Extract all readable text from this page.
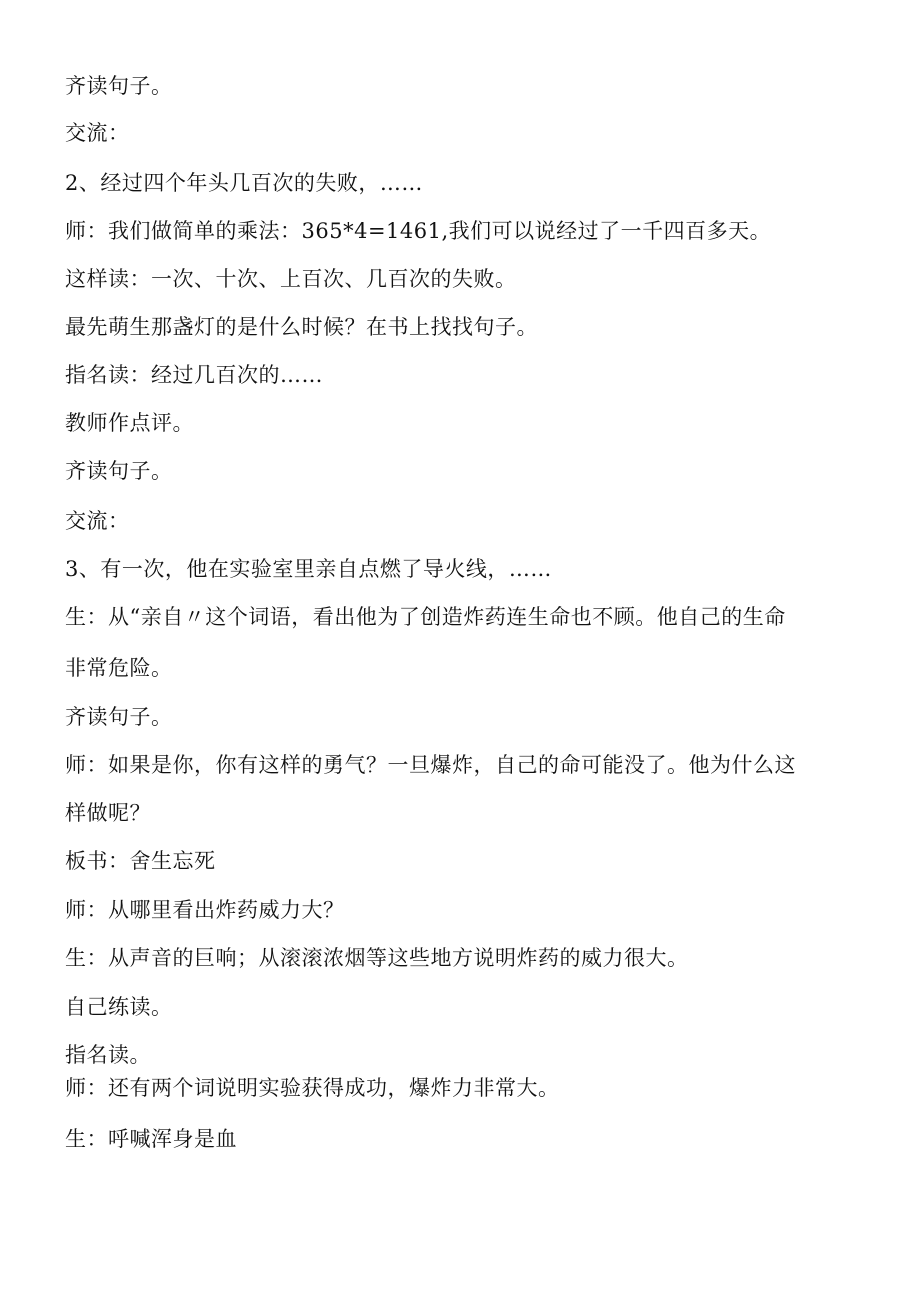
齐读句子。
交流：
2、经过四个年头几百次的失败，……
师：我们做简单的乘法：365*4=1461,我们可以说经过了一千四百多天。
这样读：一次、十次、上百次、几百次的失败。
最先萌生那盏灯的是什么时候？在书上找找句子。
指名读：经过几百次的……
教师作点评。
齐读句子。
交流：
3、有一次，他在实验室里亲自点燃了导火线，……
生：从“亲自〃这个词语，看出他为了创造炸药连生命也不顾。他自己的生命
非常危险。
齐读句子。
师：如果是你，你有这样的勇气？一旦爆炸，自己的命可能没了。他为什么这
样做呢？
板书：舍生忘死
师：从哪里看出炸药威力大？
生：从声音的巨响；从滚滚浓烟等这些地方说明炸药的威力很大。
自己练读。
指名读。
师：还有两个词说明实验获得成功，爆炸力非常大。
生：呼喊浑身是血
